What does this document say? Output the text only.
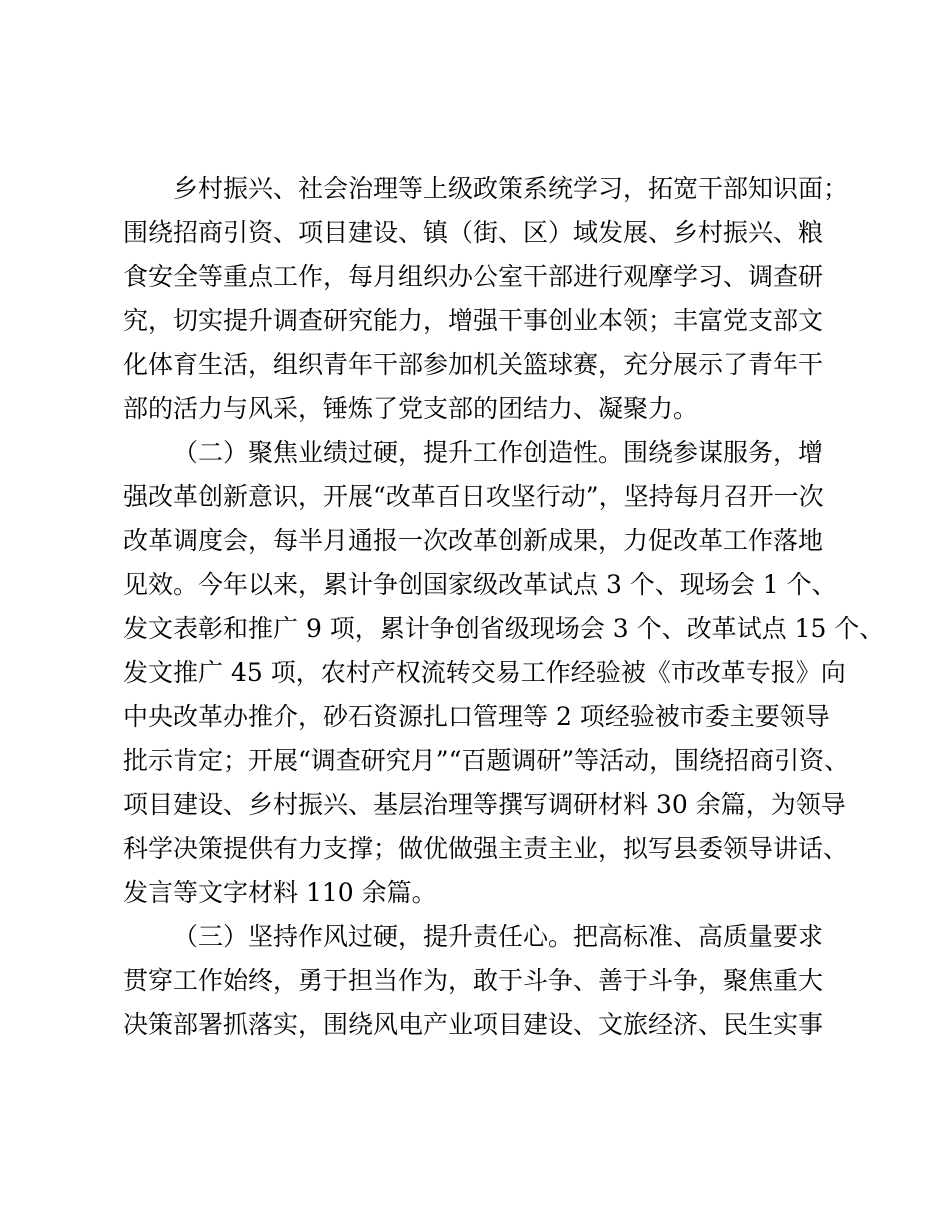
乡村振兴、社会治理等上级政策系统学习，拓宽干部知识面；
围绕招商引资、项目建设、镇（街、区）域发展、乡村振兴、粮
食安全等重点工作，每月组织办公室干部进行观摩学习、调查研
究，切实提升调查研究能力，增强干事创业本领；丰富党支部文
化体育生活，组织青年干部参加机关篮球赛，充分展示了青年干
部的活力与风采，锤炼了党支部的团结力、凝聚力。
（二）聚焦业绩过硬，提升工作创造性。围绕参谋服务，增
强改革创新意识，开展“改革百日攻坚行动”，坚持每月召开一次
改革调度会，每半月通报一次改革创新成果，力促改革工作落地
见效。今年以来，累计争创国家级改革试点 3 个、现场会 1 个、
发文表彰和推广 9 项，累计争创省级现场会 3 个、改革试点 15 个、
发文推广 45 项，农村产权流转交易工作经验被《市改革专报》向
中央改革办推介，砂石资源扎口管理等 2 项经验被市委主要领导
批示肯定；开展“调查研究月”“百题调研”等活动，围绕招商引资、
项目建设、乡村振兴、基层治理等撰写调研材料 30 余篇，为领导
科学决策提供有力支撑；做优做强主责主业，拟写县委领导讲话、
发言等文字材料 110 余篇。
（三）坚持作风过硬，提升责任心。把高标准、高质量要求
贯穿工作始终，勇于担当作为，敢于斗争、善于斗争，聚焦重大
决策部署抓落实，围绕风电产业项目建设、文旅经济、民生实事
